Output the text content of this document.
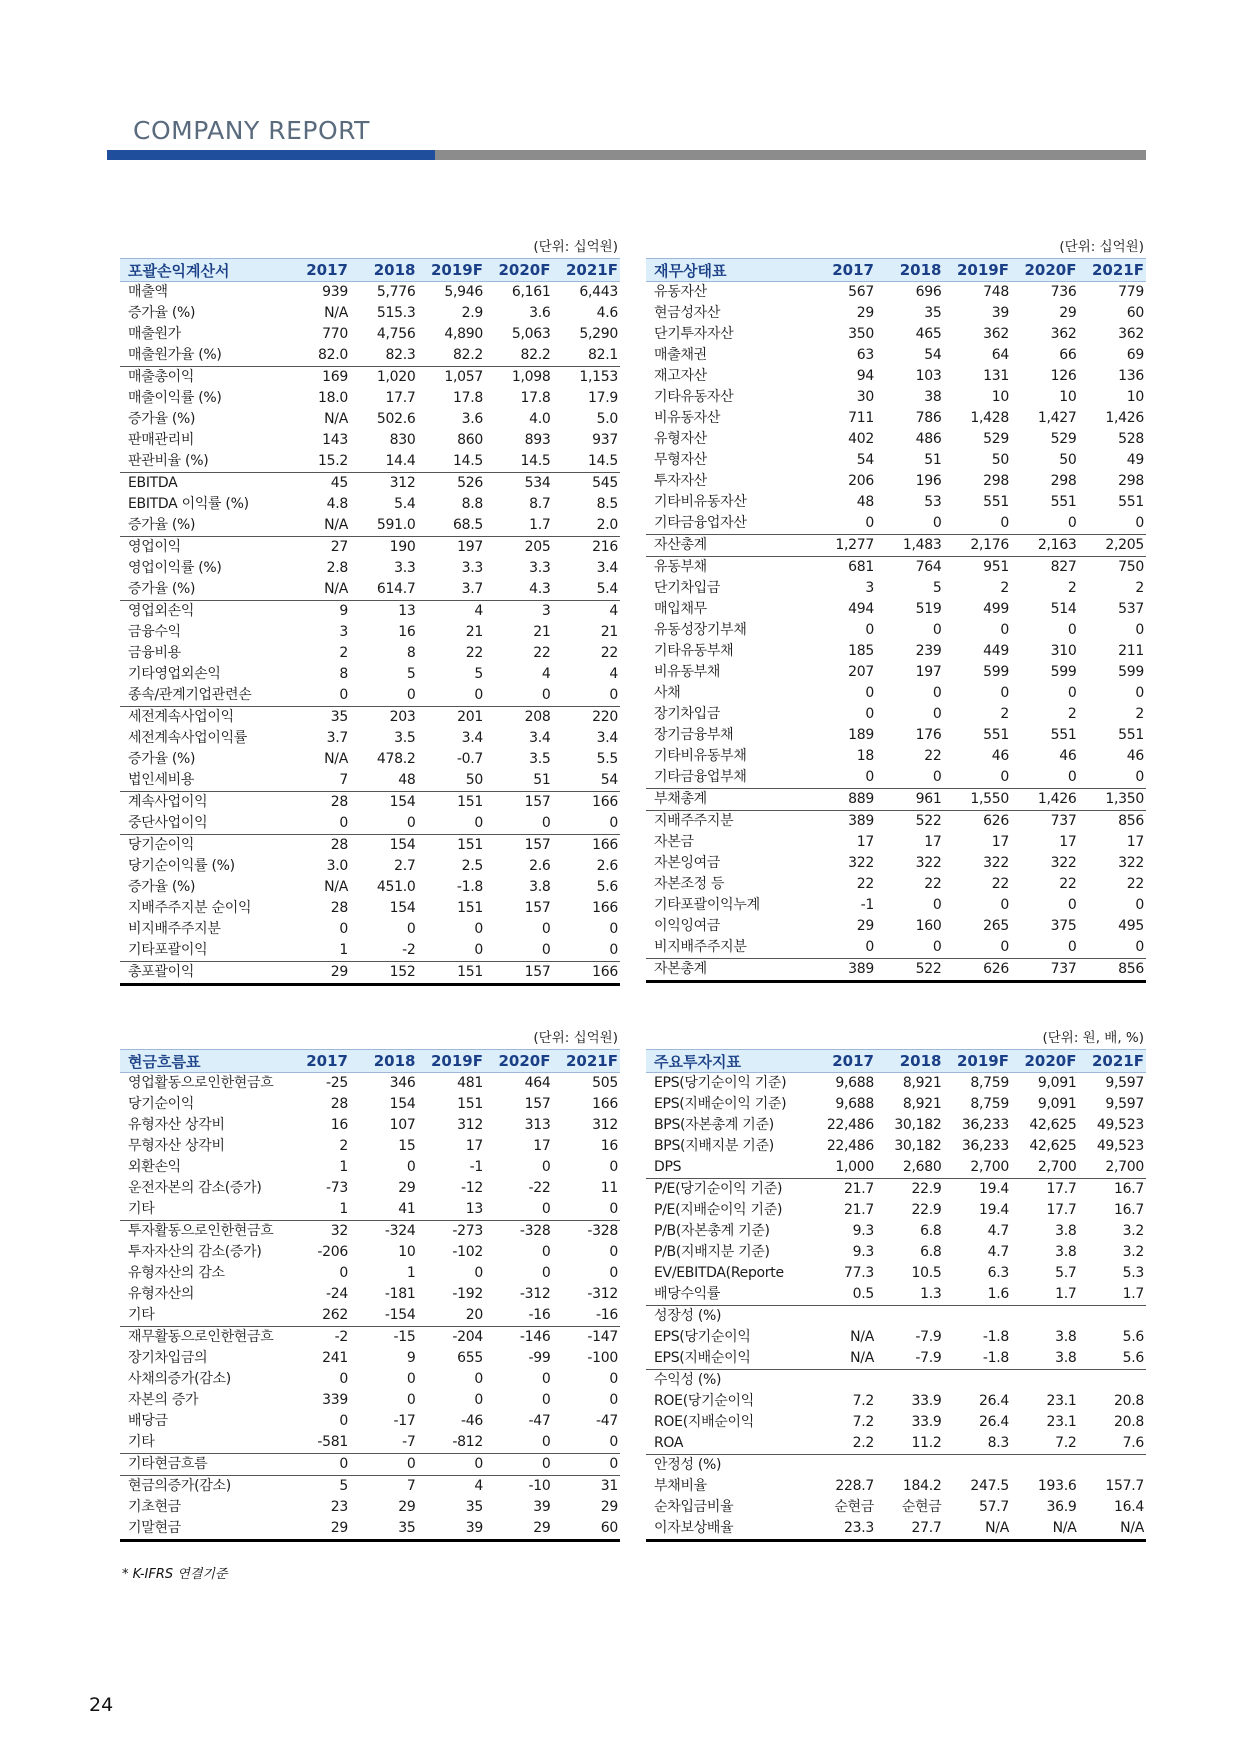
COMPANY REPORT
(단위: 십억원)
포괄손익계산서	2017	2018	2019F	2020F	2021F
매출액	939	5,776	5,946	6,161	6,443
증가율 (%)	N/A	515.3	2.9	3.6	4.6
매출원가	770	4,756	4,890	5,063	5,290
매출원가율 (%)	82.0	82.3	82.2	82.2	82.1
매출총이익	169	1,020	1,057	1,098	1,153
매출이익률 (%)	18.0	17.7	17.8	17.8	17.9
증가율 (%)	N/A	502.6	3.6	4.0	5.0
판매관리비	143	830	860	893	937
판관비율 (%)	15.2	14.4	14.5	14.5	14.5
EBITDA	45	312	526	534	545
EBITDA 이익률 (%)	4.8	5.4	8.8	8.7	8.5
증가율 (%)	N/A	591.0	68.5	1.7	2.0
영업이익	27	190	197	205	216
영업이익률 (%)	2.8	3.3	3.3	3.3	3.4
증가율 (%)	N/A	614.7	3.7	4.3	5.4
영업외손익	9	13	4	3	4
금융수익	3	16	21	21	21
금융비용	2	8	22	22	22
기타영업외손익	8	5	5	4	4
종속/관계기업관련손	0	0	0	0	0
세전계속사업이익	35	203	201	208	220
세전계속사업이익률	3.7	3.5	3.4	3.4	3.4
증가율 (%)	N/A	478.2	-0.7	3.5	5.5
법인세비용	7	48	50	51	54
계속사업이익	28	154	151	157	166
중단사업이익	0	0	0	0	0
당기순이익	28	154	151	157	166
당기순이익률 (%)	3.0	2.7	2.5	2.6	2.6
증가율 (%)	N/A	451.0	-1.8	3.8	5.6
지배주주지분 순이익	28	154	151	157	166
비지배주주지분	0	0	0	0	0
기타포괄이익	1	-2	0	0	0
총포괄이익	29	152	151	157	166
(단위: 십억원)
재무상태표	2017	2018	2019F	2020F	2021F
유동자산	567	696	748	736	779
현금성자산	29	35	39	29	60
단기투자자산	350	465	362	362	362
매출채권	63	54	64	66	69
재고자산	94	103	131	126	136
기타유동자산	30	38	10	10	10
비유동자산	711	786	1,428	1,427	1,426
유형자산	402	486	529	529	528
무형자산	54	51	50	50	49
투자자산	206	196	298	298	298
기타비유동자산	48	53	551	551	551
기타금융업자산	0	0	0	0	0
자산총계	1,277	1,483	2,176	2,163	2,205
유동부채	681	764	951	827	750
단기차입금	3	5	2	2	2
매입채무	494	519	499	514	537
유동성장기부채	0	0	0	0	0
기타유동부채	185	239	449	310	211
비유동부채	207	197	599	599	599
사채	0	0	0	0	0
장기차입금	0	0	2	2	2
장기금융부채	189	176	551	551	551
기타비유동부채	18	22	46	46	46
기타금융업부채	0	0	0	0	0
부채총계	889	961	1,550	1,426	1,350
지배주주지분	389	522	626	737	856
자본금	17	17	17	17	17
자본잉여금	322	322	322	322	322
자본조정 등	22	22	22	22	22
기타포괄이익누계	-1	0	0	0	0
이익잉여금	29	160	265	375	495
비지배주주지분	0	0	0	0	0
자본총계	389	522	626	737	856
(단위: 십억원)
현금흐름표	2017	2018	2019F	2020F	2021F
영업활동으로인한현금흐	-25	346	481	464	505
당기순이익	28	154	151	157	166
유형자산 상각비	16	107	312	313	312
무형자산 상각비	2	15	17	17	16
외환손익	1	0	-1	0	0
운전자본의 감소(증가)	-73	29	-12	-22	11
기타	1	41	13	0	0
투자활동으로인한현금흐	32	-324	-273	-328	-328
투자자산의 감소(증가)	-206	10	-102	0	0
유형자산의 감소	0	1	0	0	0
유형자산의	-24	-181	-192	-312	-312
기타	262	-154	20	-16	-16
재무활동으로인한현금흐	-2	-15	-204	-146	-147
장기차입금의	241	9	655	-99	-100
사채의증가(감소)	0	0	0	0	0
자본의 증가	339	0	0	0	0
배당금	0	-17	-46	-47	-47
기타	-581	-7	-812	0	0
기타현금흐름	0	0	0	0	0
현금의증가(감소)	5	7	4	-10	31
기초현금	23	29	35	39	29
기말현금	29	35	39	29	60
(단위: 원, 배, %)
주요투자지표	2017	2018	2019F	2020F	2021F
EPS(당기순이익 기준)	9,688	8,921	8,759	9,091	9,597
EPS(지배순이익 기준)	9,688	8,921	8,759	9,091	9,597
BPS(자본총계 기준)	22,486	30,182	36,233	42,625	49,523
BPS(지배지분 기준)	22,486	30,182	36,233	42,625	49,523
DPS	1,000	2,680	2,700	2,700	2,700
P/E(당기순이익 기준)	21.7	22.9	19.4	17.7	16.7
P/E(지배순이익 기준)	21.7	22.9	19.4	17.7	16.7
P/B(자본총계 기준)	9.3	6.8	4.7	3.8	3.2
P/B(지배지분 기준)	9.3	6.8	4.7	3.8	3.2
EV/EBITDA(Reporte	77.3	10.5	6.3	5.7	5.3
배당수익률	0.5	1.3	1.6	1.7	1.7
성장성 (%)					
EPS(당기순이익	N/A	-7.9	-1.8	3.8	5.6
EPS(지배순이익	N/A	-7.9	-1.8	3.8	5.6
수익성 (%)					
ROE(당기순이익	7.2	33.9	26.4	23.1	20.8
ROE(지배순이익	7.2	33.9	26.4	23.1	20.8
ROA	2.2	11.2	8.3	7.2	7.6
안정성 (%)					
부채비율	228.7	184.2	247.5	193.6	157.7
순차입금비율	순현금	순현금	57.7	36.9	16.4
이자보상배율	23.3	27.7	N/A	N/A	N/A
* K-IFRS 연결기준
24
